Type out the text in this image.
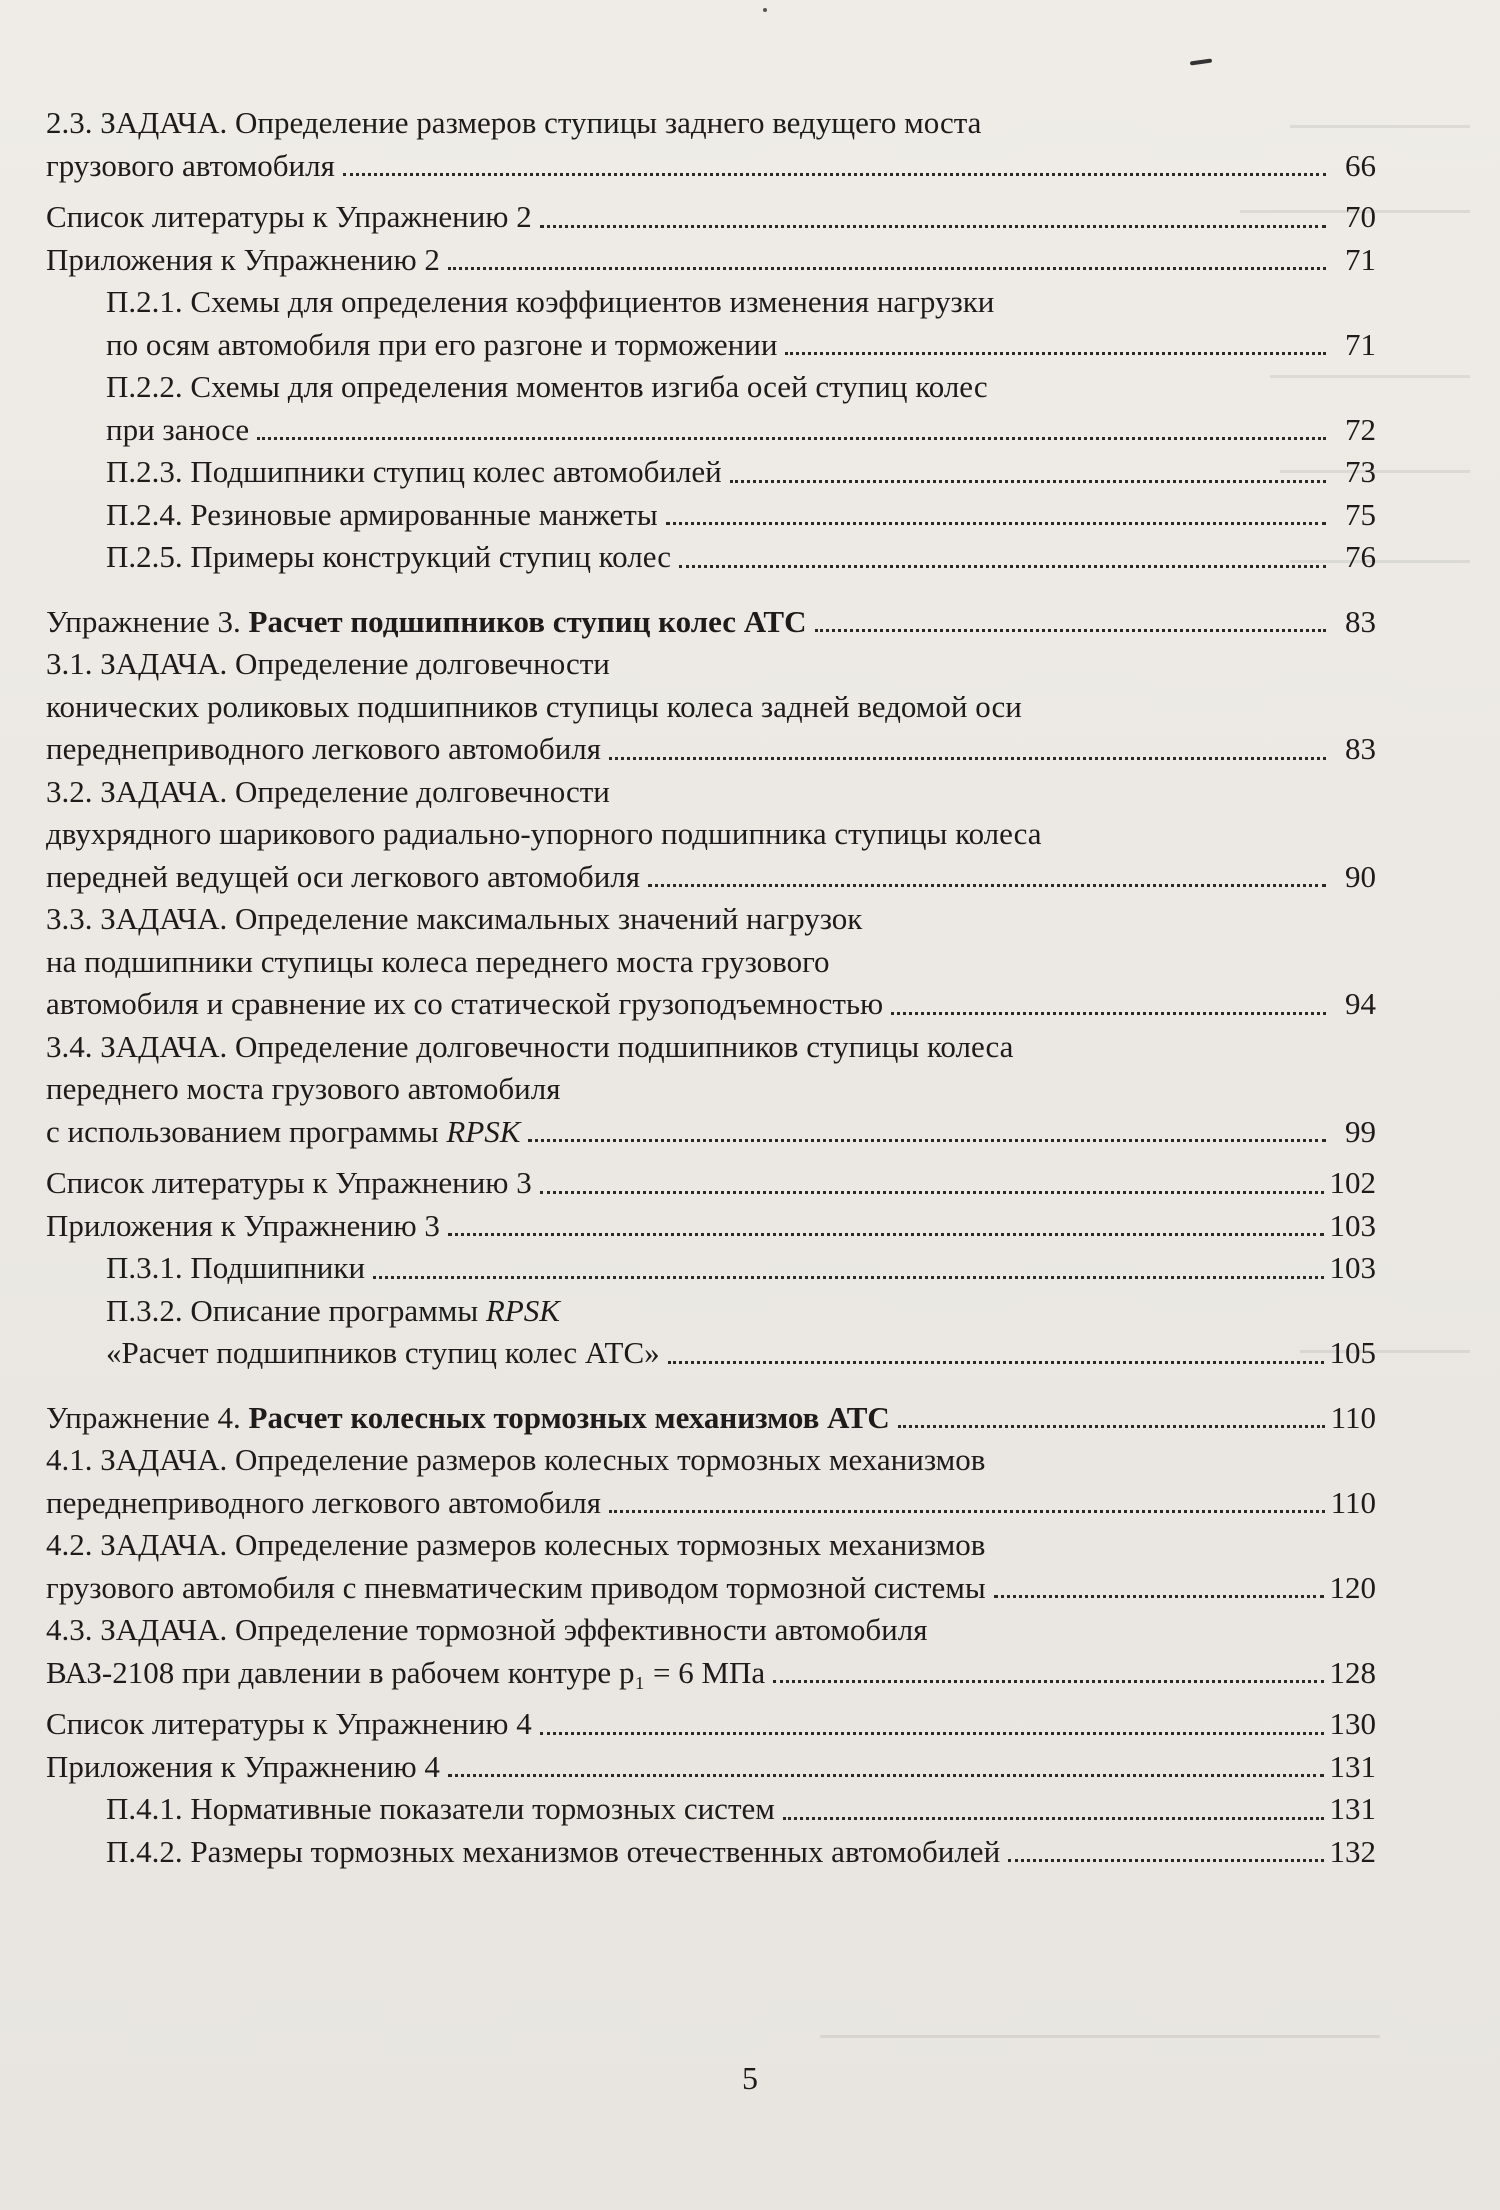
2.3. ЗАДАЧА. Определение размеров ступицы заднего ведущего моста
грузового автомобиля	66
Список литературы к Упражнению 2	70
Приложения к Упражнению 2	71
П.2.1. Схемы для определения коэффициентов изменения нагрузки
по осям автомобиля при его разгоне и торможении	71
П.2.2. Схемы для определения моментов изгиба осей ступиц колес
при заносе	72
П.2.3. Подшипники ступиц колес автомобилей	73
П.2.4. Резиновые армированные манжеты	75
П.2.5. Примеры конструкций ступиц колес	76
Упражнение 3. Расчет подшипников ступиц колес АТС	83
3.1. ЗАДАЧА. Определение долговечности
конических роликовых подшипников ступицы колеса задней ведомой оси
переднеприводного легкового автомобиля	83
3.2. ЗАДАЧА. Определение долговечности
двухрядного шарикового радиально-упорного подшипника ступицы колеса
передней ведущей оси легкового автомобиля	90
3.3. ЗАДАЧА. Определение максимальных значений нагрузок
на подшипники ступицы колеса переднего моста грузового
автомобиля и сравнение их со статической грузоподъемностью	94
3.4. ЗАДАЧА. Определение долговечности подшипников ступицы колеса
переднего моста грузового автомобиля
с использованием программы RPSK	99
Список литературы к Упражнению 3	102
Приложения к Упражнению 3	103
П.3.1. Подшипники	103
П.3.2. Описание программы RPSK
«Расчет подшипников ступиц колес АТС»	105
Упражнение 4. Расчет колесных тормозных механизмов АТС	110
4.1. ЗАДАЧА. Определение размеров колесных тормозных механизмов
переднеприводного легкового автомобиля	110
4.2. ЗАДАЧА. Определение размеров колесных тормозных механизмов
грузового автомобиля с пневматическим приводом тормозной системы	120
4.3. ЗАДАЧА. Определение тормозной эффективности автомобиля
ВАЗ-2108 при давлении в рабочем контуре p₁ = 6 МПа	128
Список литературы к Упражнению 4	130
Приложения к Упражнению 4	131
П.4.1. Нормативные показатели тормозных систем	131
П.4.2. Размеры тормозных механизмов отечественных автомобилей	132
5
